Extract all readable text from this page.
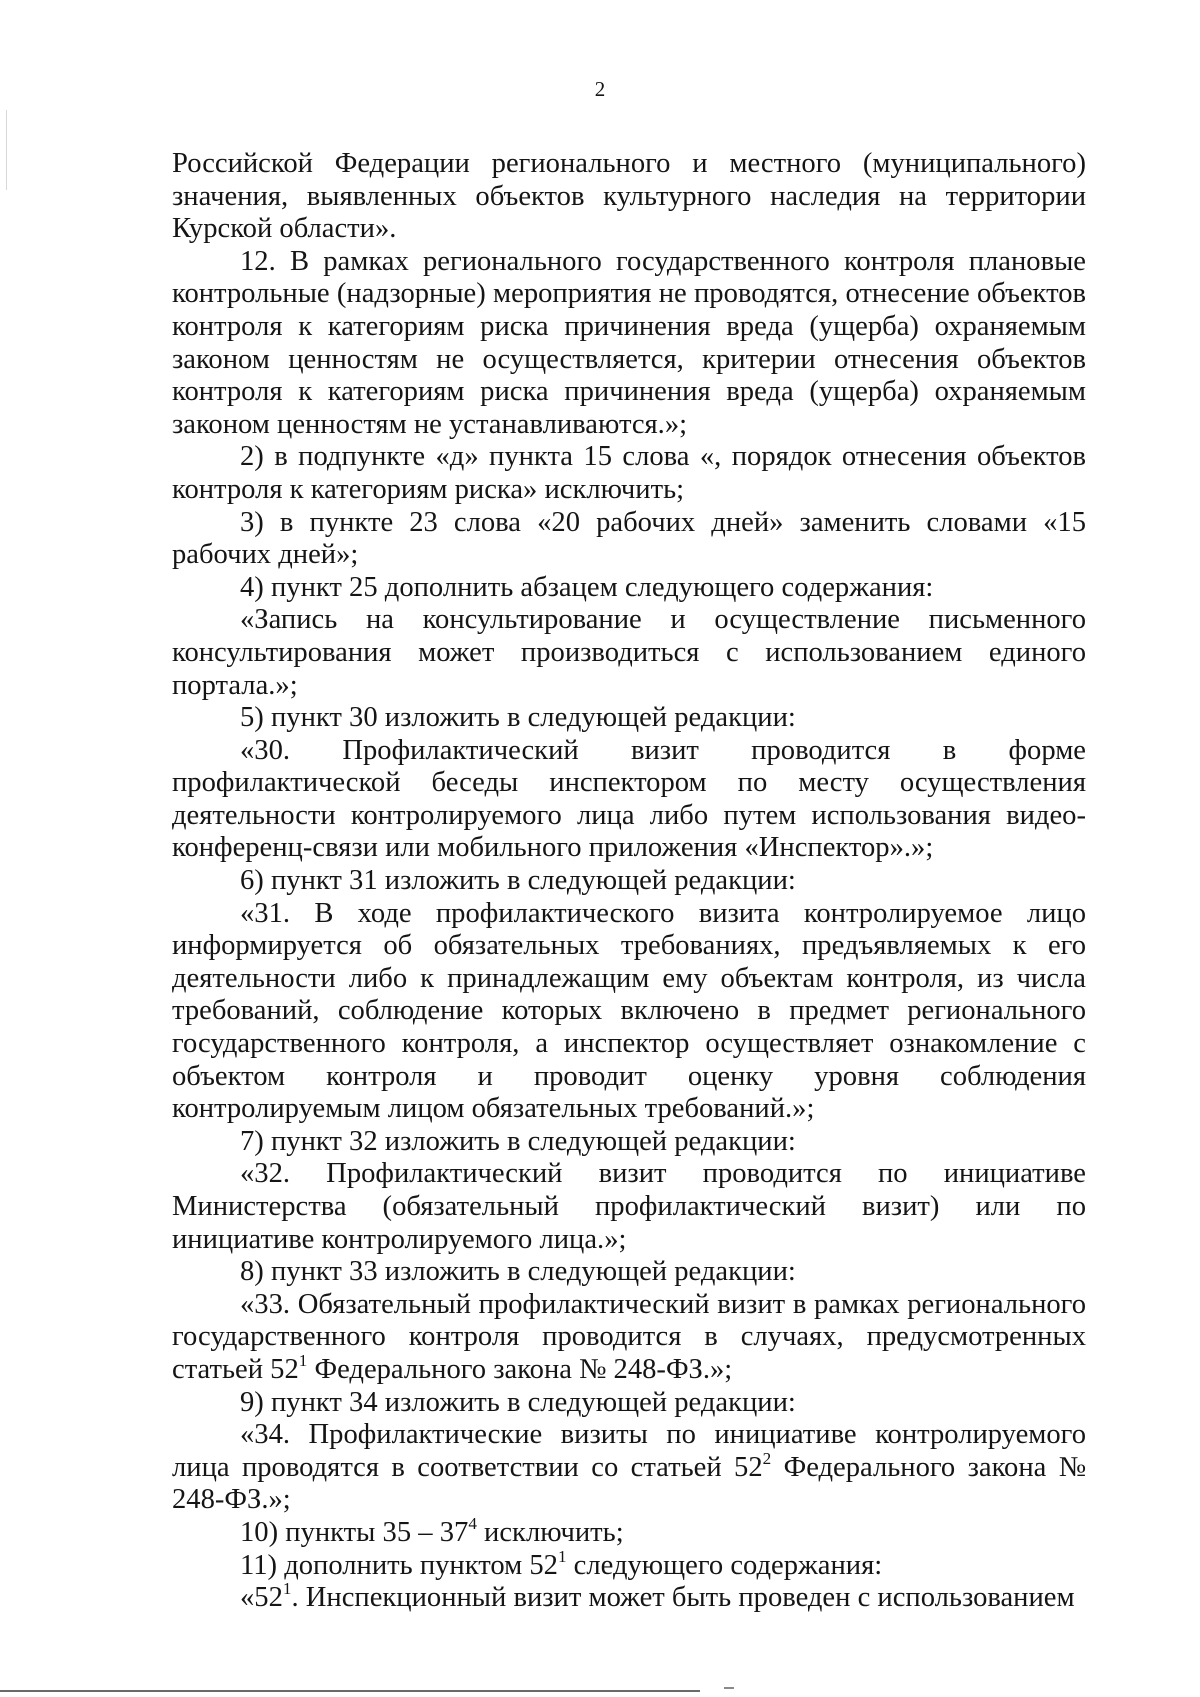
2

Российской Федерации регионального и местного (муниципального) значения, выявленных объектов культурного наследия на территории Курской области».

12. В рамках регионального государственного контроля плановые контрольные (надзорные) мероприятия не проводятся, отнесение объектов контроля к категориям риска причинения вреда (ущерба) охраняемым законом ценностям не осуществляется, критерии отнесения объектов контроля к категориям риска причинения вреда (ущерба) охраняемым законом ценностям не устанавливаются.»;

2) в подпункте «д» пункта 15 слова «, порядок отнесения объектов контроля к категориям риска» исключить;

3) в пункте 23 слова «20 рабочих дней» заменить словами «15 рабочих дней»;

4) пункт 25 дополнить абзацем следующего содержания:

«Запись на консультирование и осуществление письменного консультирования может производиться с использованием единого портала.»;

5) пункт 30 изложить в следующей редакции:

«30. Профилактический визит проводится в форме профилактической беседы инспектором по месту осуществления деятельности контролируемого лица либо путем использования видео-конференц-связи или мобильного приложения «Инспектор».»;

6) пункт 31 изложить в следующей редакции:

«31. В ходе профилактического визита контролируемое лицо информируется об обязательных требованиях, предъявляемых к его деятельности либо к принадлежащим ему объектам контроля, из числа требований, соблюдение которых включено в предмет регионального государственного контроля, а инспектор осуществляет ознакомление с объектом контроля и проводит оценку уровня соблюдения контролируемым лицом обязательных требований.»;

7) пункт 32 изложить в следующей редакции:

«32. Профилактический визит проводится по инициативе Министерства (обязательный профилактический визит) или по инициативе контролируемого лица.»;

8) пункт 33 изложить в следующей редакции:

«33. Обязательный профилактический визит в рамках регионального государственного контроля проводится в случаях, предусмотренных статьей $52^1$ Федерального закона № 248-ФЗ.»;

9) пункт 34 изложить в следующей редакции:

«34. Профилактические визиты по инициативе контролируемого лица проводятся в соответствии со статьей $52^2$ Федерального закона № 248-ФЗ.»;

10) пункты $35 - 37^4$ исключить;

11) дополнить пунктом $52^1$ следующего содержания:

«$52^1$. Инспекционный визит может быть проведен с использованием
